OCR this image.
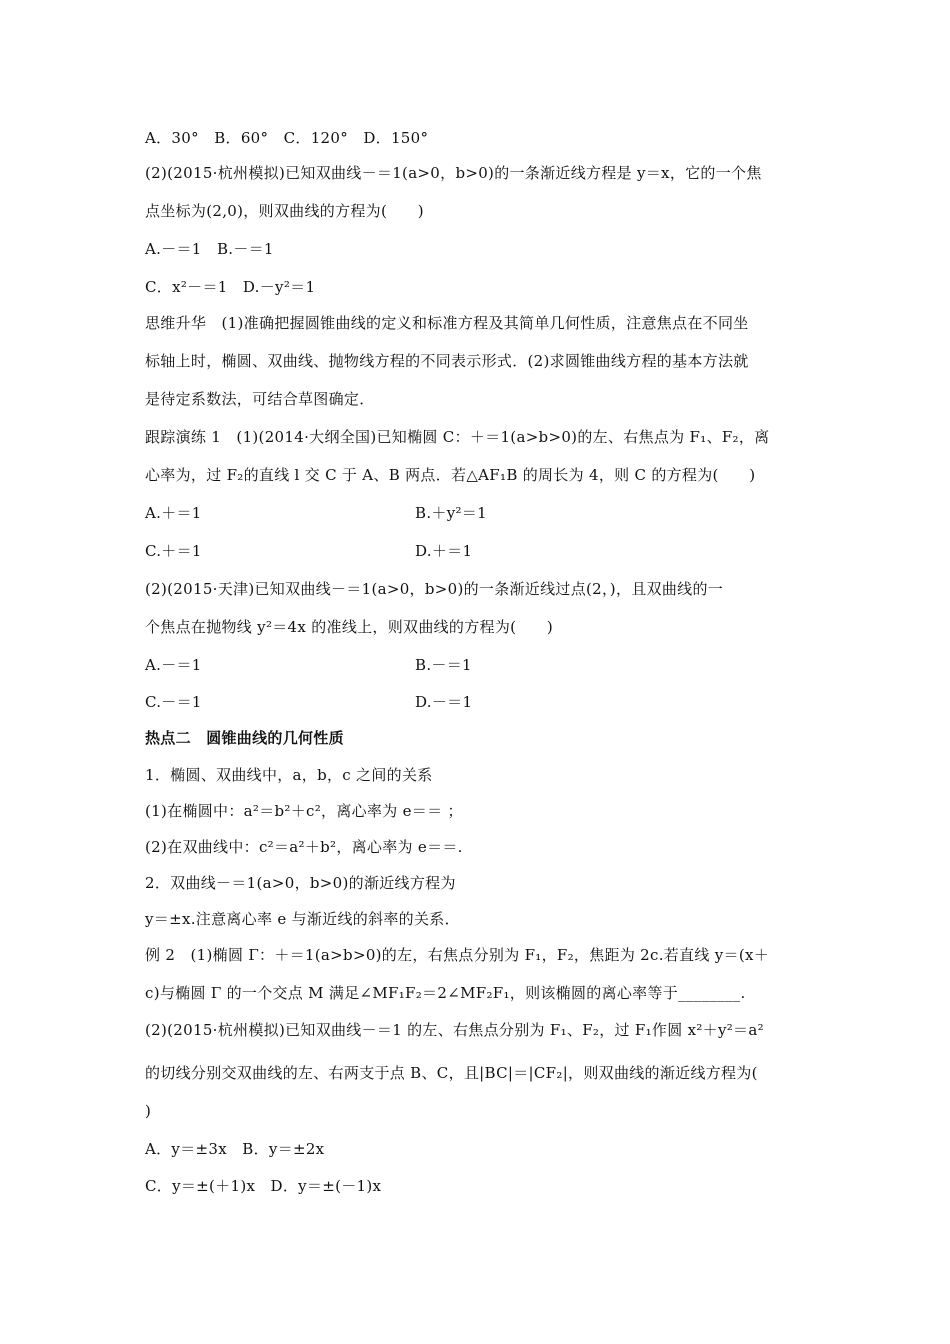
A．30°　B．60°　C．120°　D．150°
(2)(2015·杭州模拟)已知双曲线－＝1(a>0，b>0)的一条渐近线方程是 y＝x，它的一个焦
点坐标为(2,0)，则双曲线的方程为(　　)
A.－＝1　B.－＝1
C．x²－＝1　D.－y²＝1
思维升华　(1)准确把握圆锥曲线的定义和标准方程及其简单几何性质，注意焦点在不同坐
标轴上时，椭圆、双曲线、抛物线方程的不同表示形式．(2)求圆锥曲线方程的基本方法就
是待定系数法，可结合草图确定．
跟踪演练 1　(1)(2014·大纲全国)已知椭圆 C：＋＝1(a>b>0)的左、右焦点为 F₁、F₂，离
心率为，过 F₂的直线 l 交 C 于 A、B 两点．若△AF₁B 的周长为 4，则 C 的方程为(　　)
A.＋＝1	B.＋y²＝1
C.＋＝1	D.＋＝1
(2)(2015·天津)已知双曲线－＝1(a>0，b>0)的一条渐近线过点(2，)，且双曲线的一
个焦点在抛物线 y²＝4x 的准线上，则双曲线的方程为(　　)
A.－＝1	B.－＝1
C.－＝1	D.－＝1
热点二　圆锥曲线的几何性质
1．椭圆、双曲线中，a，b，c 之间的关系
(1)在椭圆中：a²＝b²＋c²，离心率为 e＝＝ ；
(2)在双曲线中：c²＝a²＋b²，离心率为 e＝＝.
2．双曲线－＝1(a>0，b>0)的渐近线方程为
y＝±x.注意离心率 e 与渐近线的斜率的关系．
例 2　(1)椭圆 Γ：＋＝1(a>b>0)的左，右焦点分别为 F₁，F₂，焦距为 2c.若直线 y＝(x＋
c)与椭圆 Γ 的一个交点 M 满足∠MF₁F₂＝2∠MF₂F₁，则该椭圆的离心率等于________.
(2)(2015·杭州模拟)已知双曲线－＝1 的左、右焦点分别为 F₁、F₂，过 F₁作圆 x²＋y²＝a²
的切线分别交双曲线的左、右两支于点 B、C，且|BC|＝|CF₂|，则双曲线的渐近线方程为(
)
A．y＝±3x　B．y＝±2x
C．y＝±(＋1)x　D．y＝±(－1)x
